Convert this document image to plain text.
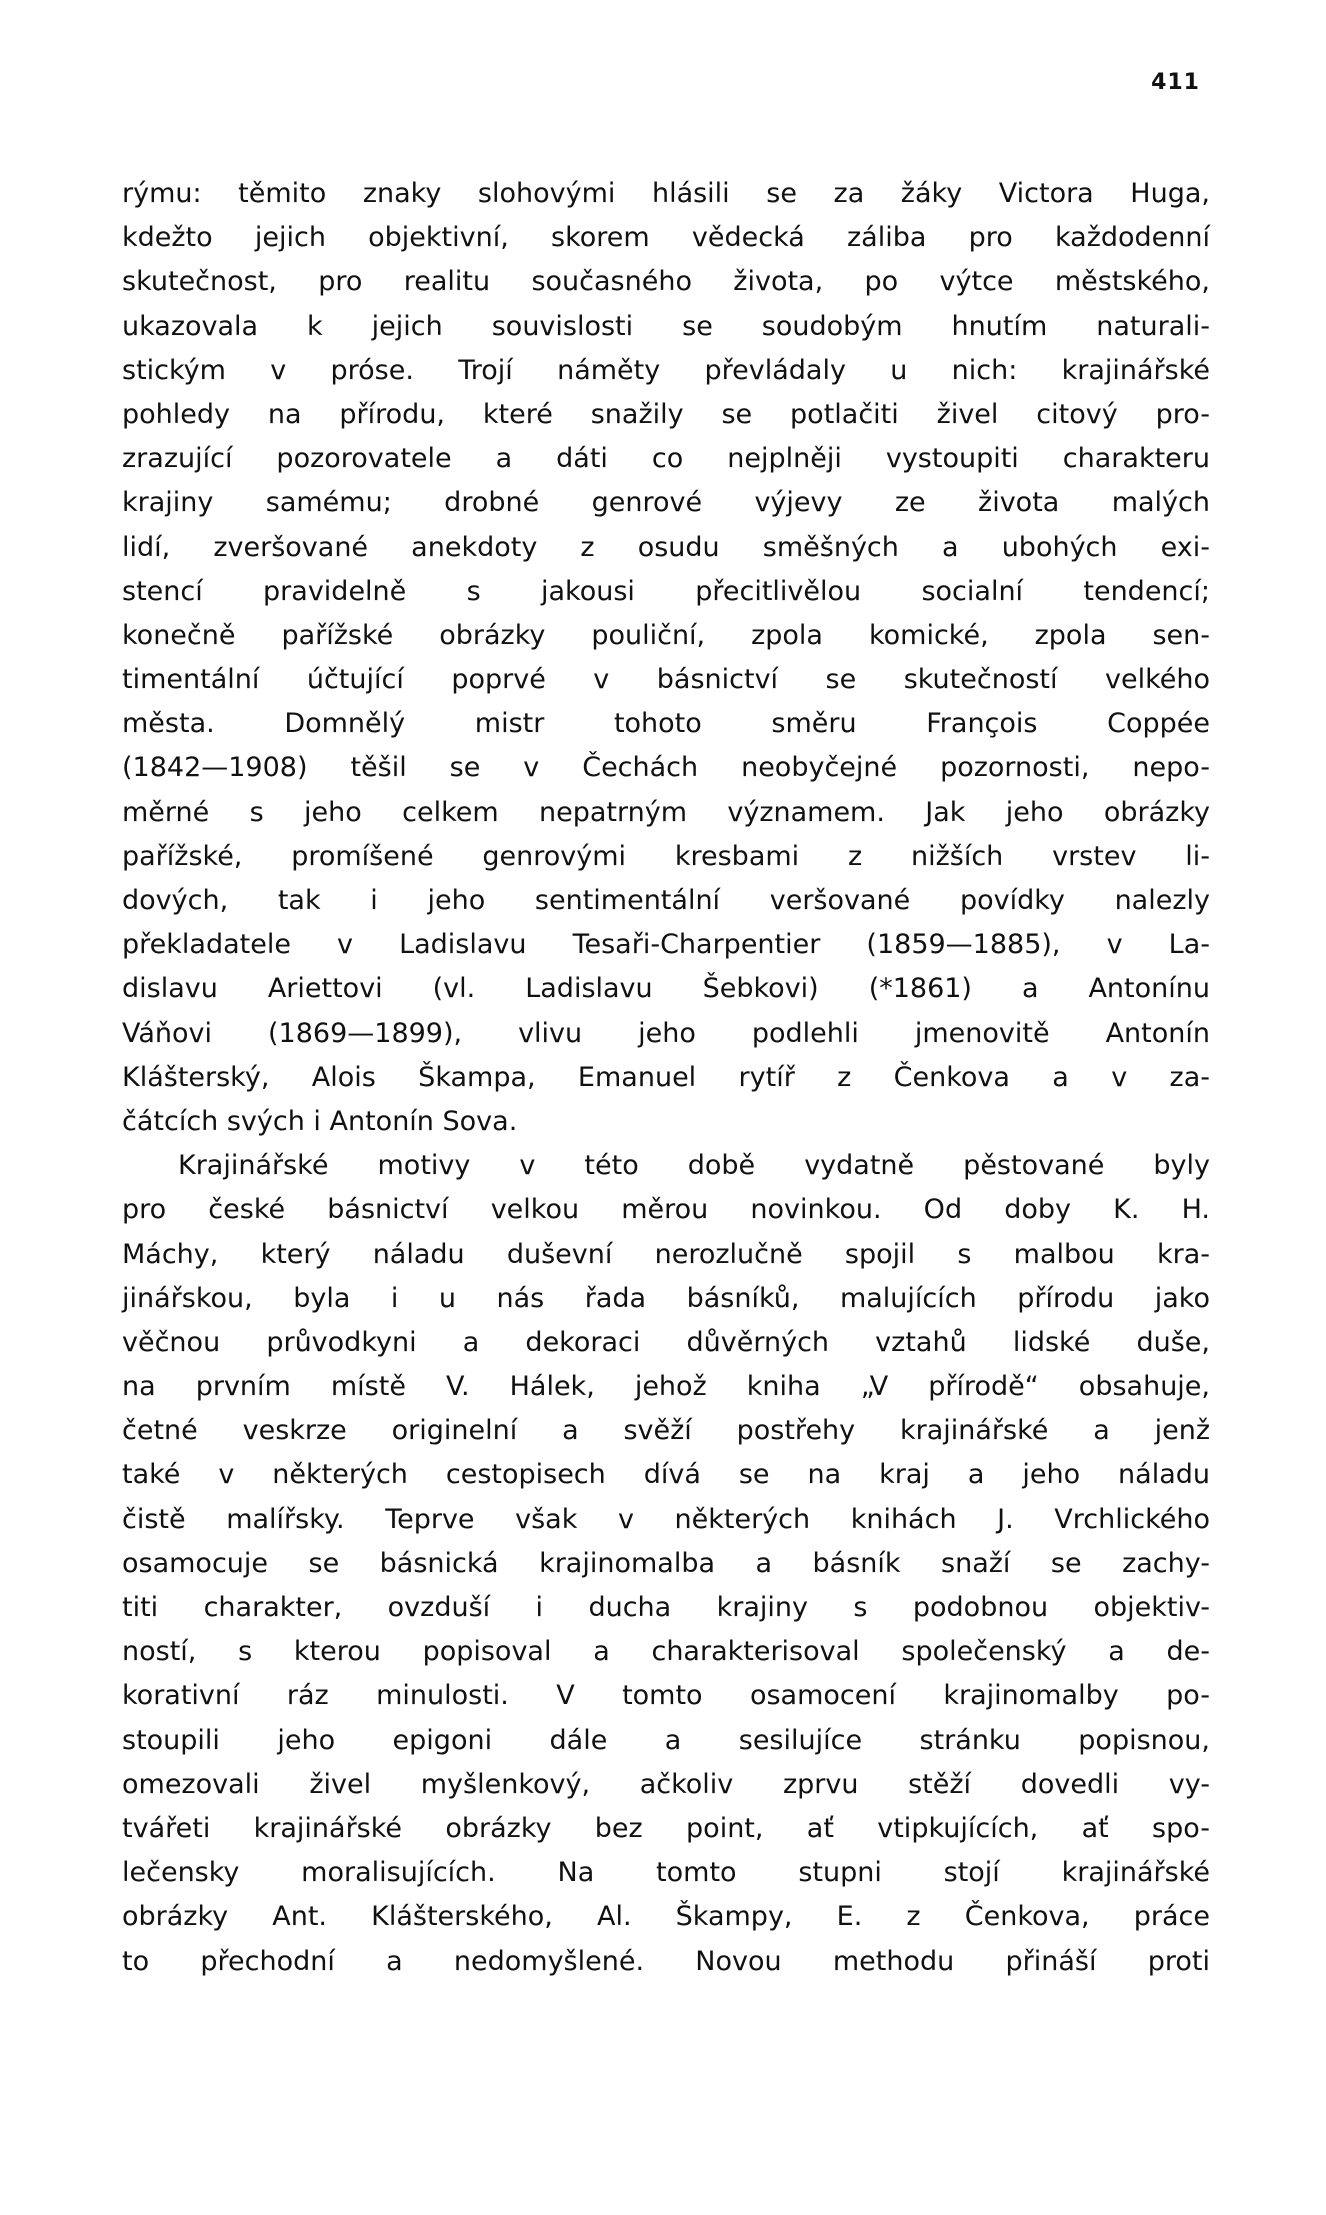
411
rýmu: těmito znaky slohovými hlásili se za žáky Victora Huga,
kdežto jejich objektivní, skorem vědecká záliba pro každodenní
skutečnost, pro realitu současného života, po výtce městského,
ukazovala k jejich souvislosti se soudobým hnutím naturali-
stickým v próse. Trojí náměty převládaly u nich: krajinářské
pohledy na přírodu, které snažily se potlačiti živel citový pro-
zrazující pozorovatele a dáti co nejplněji vystoupiti charakteru
krajiny samému; drobné genrové výjevy ze života malých
lidí, zveršované anekdoty z osudu směšných a ubohých exi-
stencí pravidelně s jakousi přecitlivělou socialní tendencí;
konečně pařížské obrázky pouliční, zpola komické, zpola sen-
timentální účtující poprvé v básnictví se skutečností velkého
města. Domnělý mistr tohoto směru François Coppée
(1842—1908) těšil se v Čechách neobyčejné pozornosti, nepo-
měrné s jeho celkem nepatrným významem. Jak jeho obrázky
pařížské, promíšené genrovými kresbami z nižších vrstev li-
dových, tak i jeho sentimentální veršované povídky nalezly
překladatele v Ladislavu Tesaři-Charpentier (1859—1885), v La-
dislavu Ariettovi (vl. Ladislavu Šebkovi) (*1861) a Antonínu
Váňovi (1869—1899), vlivu jeho podlehli jmenovitě Antonín
Klášterský, Alois Škampa, Emanuel rytíř z Čenkova a v za-
čátcích svých i Antonín Sova.
Krajinářské motivy v této době vydatně pěstované byly
pro české básnictví velkou měrou novinkou. Od doby K. H.
Máchy, který náladu duševní nerozlučně spojil s malbou kra-
jinářskou, byla i u nás řada básníků, malujících přírodu jako
věčnou průvodkyni a dekoraci důvěrných vztahů lidské duše,
na prvním místě V. Hálek, jehož kniha „V přírodě“ obsahuje,
četné veskrze originelní a svěží postřehy krajinářské a jenž
také v některých cestopisech dívá se na kraj a jeho náladu
čistě malířsky. Teprve však v některých knihách J. Vrchlického
osamocuje se básnická krajinomalba a básník snaží se zachy-
titi charakter, ovzduší i ducha krajiny s podobnou objektiv-
ností, s kterou popisoval a charakterisoval společenský a de-
korativní ráz minulosti. V tomto osamocení krajinomalby po-
stoupili jeho epigoni dále a sesilujíce stránku popisnou,
omezovali živel myšlenkový, ačkoliv zprvu stěží dovedli vy-
tvářeti krajinářské obrázky bez point, ať vtipkujících, ať spo-
lečensky moralisujících. Na tomto stupni stojí krajinářské
obrázky Ant. Klášterského, Al. Škampy, E. z Čenkova, práce
to přechodní a nedomyšlené. Novou methodu přináší proti
